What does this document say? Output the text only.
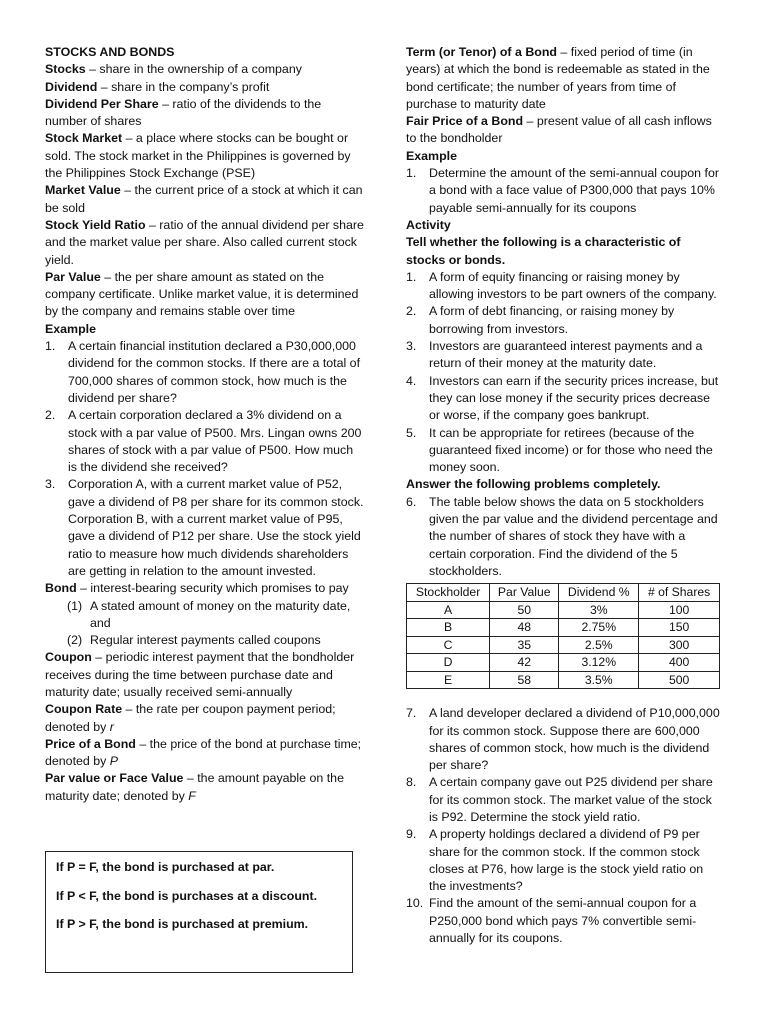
STOCKS AND BONDS

Stocks – share in the ownership of a company

Dividend – share in the company’s profit

Dividend Per Share – ratio of the dividends to the number of shares

Stock Market – a place where stocks can be bought or sold. The stock market in the Philippines is governed by the Philippines Stock Exchange (PSE)

Market Value – the current price of a stock at which it can be sold

Stock Yield Ratio – ratio of the annual dividend per share and the market value per share. Also called current stock yield.

Par Value – the per share amount as stated on the company certificate. Unlike market value, it is determined by the company and remains stable over time

Example

1. A certain financial institution declared a P30,000,000 dividend for the common stocks. If there are a total of 700,000 shares of common stock, how much is the dividend per share?
2. A certain corporation declared a 3% dividend on a stock with a par value of P500. Mrs. Lingan owns 200 shares of stock with a par value of P500. How much is the dividend she received?
3. Corporation A, with a current market value of P52, gave a dividend of P8 per share for its common stock. Corporation B, with a current market value of P95, gave a dividend of P12 per share. Use the stock yield ratio to measure how much dividends shareholders are getting in relation to the amount invested.

Bond – interest-bearing security which promises to pay

(1) A stated amount of money on the maturity date, and
(2) Regular interest payments called coupons

Coupon – periodic interest payment that the bondholder receives during the time between purchase date and maturity date; usually received semi-annually

Coupon Rate – the rate per coupon payment period; denoted by r

Price of a Bond – the price of the bond at purchase time; denoted by P

Par value or Face Value – the amount payable on the maturity date; denoted by F

If P = F, the bond is purchased at par.

If P < F, the bond is purchases at a discount.

If P > F, the bond is purchased at premium.

Term (or Tenor) of a Bond – fixed period of time (in years) at which the bond is redeemable as stated in the bond certificate; the number of years from time of purchase to maturity date

Fair Price of a Bond – present value of all cash inflows to the bondholder

Example

1. Determine the amount of the semi-annual coupon for a bond with a face value of P300,000 that pays 10% payable semi-annually for its coupons

Activity

Tell whether the following is a characteristic of stocks or bonds.

1. A form of equity financing or raising money by allowing investors to be part owners of the company.
2. A form of debt financing, or raising money by borrowing from investors.
3. Investors are guaranteed interest payments and a return of their money at the maturity date.
4. Investors can earn if the security prices increase, but they can lose money if the security prices decrease or worse, if the company goes bankrupt.
5. It can be appropriate for retirees (because of the guaranteed fixed income) or for those who need the money soon.

Answer the following problems completely.

6. The table below shows the data on 5 stockholders given the par value and the dividend percentage and the number of shares of stock they have with a certain corporation. Find the dividend of the 5 stockholders.
Stockholder	Par Value	Dividend %	# of Shares
A	50	3%	100
B	48	2.75%	150
C	35	2.5%	300
D	42	3.12%	400
E	58	3.5%	500
7. A land developer declared a dividend of P10,000,000 for its common stock. Suppose there are 600,000 shares of common stock, how much is the dividend per share?
8. A certain company gave out P25 dividend per share for its common stock. The market value of the stock is P92. Determine the stock yield ratio.
9. A property holdings declared a dividend of P9 per share for the common stock. If the common stock closes at P76, how large is the stock yield ratio on the investments?
10. Find the amount of the semi-annual coupon for a P250,000 bond which pays 7% convertible semi-annually for its coupons.
